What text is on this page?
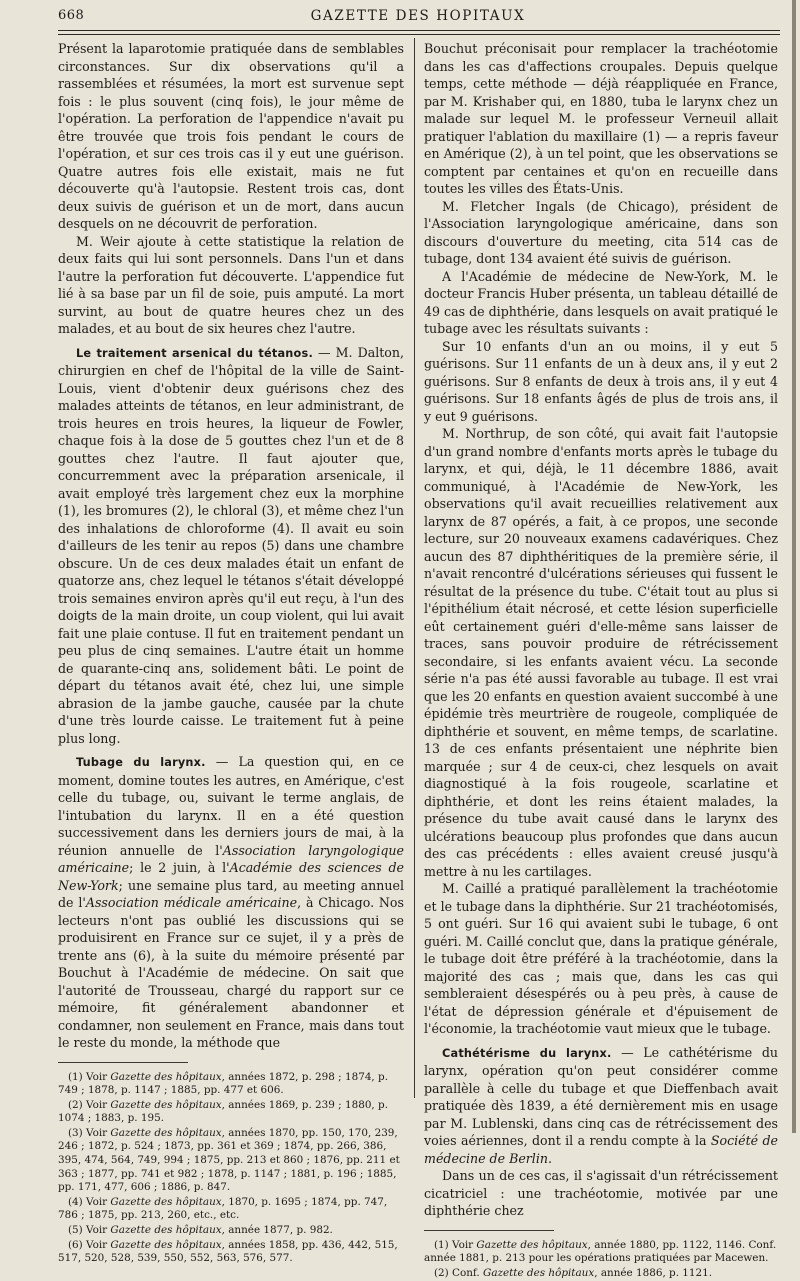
668	GAZETTE DES HOPITAUX

Présent la laparotomie pratiquée dans de semblables circonstances. Sur dix observations qu'il a rassemblées et résumées, la mort est survenue sept fois : le plus souvent (cinq fois), le jour même de l'opération. La perforation de l'appendice n'avait pu être trouvée que trois fois pendant le cours de l'opération, et sur ces trois cas il y eut une guérison. Quatre autres fois elle existait, mais ne fut découverte qu'à l'autopsie. Restent trois cas, dont deux suivis de guérison et un de mort, dans aucun desquels on ne découvrit de perforation.

M. Weir ajoute à cette statistique la relation de deux faits qui lui sont personnels. Dans l'un et dans l'autre la perforation fut découverte. L'appendice fut lié à sa base par un fil de soie, puis amputé. La mort survint, au bout de quatre heures chez un des malades, et au bout de six heures chez l'autre.

Le traitement arsenical du tétanos. — M. Dalton, chirurgien en chef de l'hôpital de la ville de Saint-Louis, vient d'obtenir deux guérisons chez des malades atteints de tétanos, en leur administrant, de trois heures en trois heures, la liqueur de Fowler, chaque fois à la dose de 5 gouttes chez l'un et de 8 gouttes chez l'autre. Il faut ajouter que, concurremment avec la préparation arsenicale, il avait employé très largement chez eux la morphine (1), les bromures (2), le chloral (3), et même chez l'un des inhalations de chloroforme (4). Il avait eu soin d'ailleurs de les tenir au repos (5) dans une chambre obscure. Un de ces deux malades était un enfant de quatorze ans, chez lequel le tétanos s'était développé trois semaines environ après qu'il eut reçu, à l'un des doigts de la main droite, un coup violent, qui lui avait fait une plaie contuse. Il fut en traitement pendant un peu plus de cinq semaines. L'autre était un homme de quarante-cinq ans, solidement bâti. Le point de départ du tétanos avait été, chez lui, une simple abrasion de la jambe gauche, causée par la chute d'une très lourde caisse. Le traitement fut à peine plus long.

Tubage du larynx. — La question qui, en ce moment, domine toutes les autres, en Amérique, c'est celle du tubage, ou, suivant le terme anglais, de l'intubation du larynx. Il en a été question successivement dans les derniers jours de mai, à la réunion annuelle de l'Association laryngologique américaine; le 2 juin, à l'Académie des sciences de New-York; une semaine plus tard, au meeting annuel de l'Association médicale américaine, à Chicago. Nos lecteurs n'ont pas oublié les discussions qui se produisirent en France sur ce sujet, il y a près de trente ans (6), à la suite du mémoire présenté par Bouchut à l'Académie de médecine. On sait que l'autorité de Trousseau, chargé du rapport sur ce mémoire, fit généralement abandonner et condamner, non seulement en France, mais dans tout le reste du monde, la méthode que

(1) Voir Gazette des hôpitaux, années 1872, p. 298 ; 1874, p. 749 ; 1878, p. 1147 ; 1885, pp. 477 et 606.

(2) Voir Gazette des hôpitaux, années 1869, p. 239 ; 1880, p. 1074 ; 1883, p. 195.

(3) Voir Gazette des hôpitaux, années 1870, pp. 150, 170, 239, 246 ; 1872, p. 524 ; 1873, pp. 361 et 369 ; 1874, pp. 266, 386, 395, 474, 564, 749, 994 ; 1875, pp. 213 et 860 ; 1876, pp. 211 et 363 ; 1877, pp. 741 et 982 ; 1878, p. 1147 ; 1881, p. 196 ; 1885, pp. 171, 477, 606 ; 1886, p. 847.

(4) Voir Gazette des hôpitaux, 1870, p. 1695 ; 1874, pp. 747, 786 ; 1875, pp. 213, 260, etc., etc.

(5) Voir Gazette des hôpitaux, année 1877, p. 982.

(6) Voir Gazette des hôpitaux, années 1858, pp. 436, 442, 515, 517, 520, 528, 539, 550, 552, 563, 576, 577.

Bouchut préconisait pour remplacer la trachéotomie dans les cas d'affections croupales. Depuis quelque temps, cette méthode — déjà réappliquée en France, par M. Krishaber qui, en 1880, tuba le larynx chez un malade sur lequel M. le professeur Verneuil allait pratiquer l'ablation du maxillaire (1) — a repris faveur en Amérique (2), à un tel point, que les observations se comptent par centaines et qu'on en recueille dans toutes les villes des États-Unis.

M. Fletcher Ingals (de Chicago), président de l'Association laryngologique américaine, dans son discours d'ouverture du meeting, cita 514 cas de tubage, dont 134 avaient été suivis de guérison.

A l'Académie de médecine de New-York, M. le docteur Francis Huber présenta, un tableau détaillé de 49 cas de diphthérie, dans lesquels on avait pratiqué le tubage avec les résultats suivants :

Sur 10 enfants d'un an ou moins, il y eut 5 guérisons. Sur 11 enfants de un à deux ans, il y eut 2 guérisons. Sur 8 enfants de deux à trois ans, il y eut 4 guérisons. Sur 18 enfants âgés de plus de trois ans, il y eut 9 guérisons.

M. Northrup, de son côté, qui avait fait l'autopsie d'un grand nombre d'enfants morts après le tubage du larynx, et qui, déjà, le 11 décembre 1886, avait communiqué, à l'Académie de New-York, les observations qu'il avait recueillies relativement aux larynx de 87 opérés, a fait, à ce propos, une seconde lecture, sur 20 nouveaux examens cadavériques. Chez aucun des 87 diphthéritiques de la première série, il n'avait rencontré d'ulcérations sérieuses qui fussent le résultat de la présence du tube. C'était tout au plus si l'épithélium était nécrosé, et cette lésion superficielle eût certainement guéri d'elle-même sans laisser de traces, sans pouvoir produire de rétrécissement secondaire, si les enfants avaient vécu. La seconde série n'a pas été aussi favorable au tubage. Il est vrai que les 20 enfants en question avaient succombé à une épidémie très meurtrière de rougeole, compliquée de diphthérie et souvent, en même temps, de scarlatine. 13 de ces enfants présentaient une néphrite bien marquée ; sur 4 de ceux-ci, chez lesquels on avait diagnostiqué à la fois rougeole, scarlatine et diphthérie, et dont les reins étaient malades, la présence du tube avait causé dans le larynx des ulcérations beaucoup plus profondes que dans aucun des cas précédents : elles avaient creusé jusqu'à mettre à nu les cartilages.

M. Caillé a pratiqué parallèlement la trachéotomie et le tubage dans la diphthérie. Sur 21 trachéotomisés, 5 ont guéri. Sur 16 qui avaient subi le tubage, 6 ont guéri. M. Caillé conclut que, dans la pratique générale, le tubage doit être préféré à la trachéotomie, dans la majorité des cas ; mais que, dans les cas qui sembleraient désespérés ou à peu près, à cause de l'état de dépression générale et d'épuisement de l'économie, la trachéotomie vaut mieux que le tubage.

Cathétérisme du larynx. — Le cathétérisme du larynx, opération qu'on peut considérer comme parallèle à celle du tubage et que Dieffenbach avait pratiquée dès 1839, a été dernièrement mis en usage par M. Lublenski, dans cinq cas de rétrécissement des voies aériennes, dont il a rendu compte à la Société de médecine de Berlin.

Dans un de ces cas, il s'agissait d'un rétrécissement cicatriciel : une trachéotomie, motivée par une diphthérie chez

(1) Voir Gazette des hôpitaux, année 1880, pp. 1122, 1146. Conf. année 1881, p. 213 pour les opérations pratiquées par Macewen.

(2) Conf. Gazette des hôpitaux, année 1886, p. 1121.
